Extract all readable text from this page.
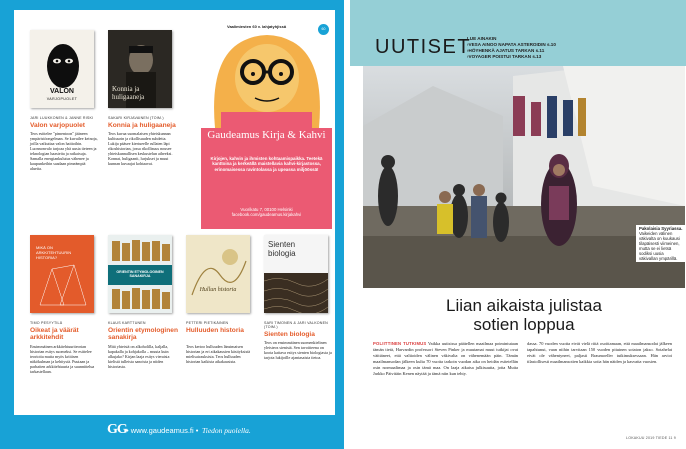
VALON
VARJOPUOLET
JARI LUUKKONEN & JANNE RISKI
Valon varjopuolet
Teos esittelee "pimentoon" jääneen ympäristöongelman. Se kuvailee keinoja, joilla vaikuttaa valon haittoihin. Luonnonvalo tarjoaa yhä uusia tieteen ja teknologian haasteita ja ratkaisuja. Samalla energiankulutus vähenee ja kaupunkeihin saadaan pimeämpiä alueita.
Konnia ja huligaaneja
SAKARI KIRJAVAINEN (TOIM.)
Konnia ja huligaaneja
Teos kuvaa suomalaisen yhteiskunnan kulttuurin ja rikollisuuden suhdetta. Lukija pääsee kiertueelle rullaten läpi rikoshistorian, jossa rikollisuus nousee yhteiskunnallisen keskustelun aiheeksi. Konnat, huligaanit, lurjukset ja muut kunnan kuvaajat kohtaavat.
MIKÄ ON ARKKITEHTUURIN HISTORIA?
TIMO PESYYTILÄ
Oikeat ja väärät arkkitehdit
Ensimmäinen arkkitehtuuriteorian historian esitys suomeksi. Se esittelee teorioita mutta myös kriitisen näkökulman ja kehitystä. Puutaan ja parhaiten arkkitehtuuria ja suunnittelua tarkastellaan.
ORIENTIN ETYMOLOGINEN SANAKIRJA
KLAUS KARTTUNEN
Orientin etymologinen sanakirja
Mitä yhteistä on alkoholilla, kaljalla, kapakalla ja kohjakolla – muuta kuin alkujako? Kirjan laaja esitys vieraista kielistä tulleista sanoista ja niiden historiasta.
Hullun historia
PETTERI PIETIKÄINEN
Hulluuden historia
Teos kertoo hulluuden länsimaisen historian ja eri aikakausien käsityksistä mielisairauksista. Teos hulluuden historian kaikista aikakausista.
Sienten biologia
SARI TIMONEN & JARI VALKONEN (TOIM.)
Sienten biologia
Teos on ensimmäinen suomenkielinen yleisteos sienistä. Sen tavoitteena on koota kattava esitys sienten biologiasta ja tarjota lukijoille ajantasaista tietoa.
Vaalimiesten 60 v. lahjatyhjissä	60
Gaudeamus Kirja & Kahvi
Kirjojen, kahvin ja ihmisten kohtaamispaikka. Teetekä kanttoina ja kerkeällä maistellavia kahvi-kirjastossa, erinomaisessa ravintolassa ja upeassa miljöössä!
Vuorikatu 7, 00100 Helsinki
facebook.com/gaudeamus.kirjakahvi
GG • www.gaudeamus.fi • Tiedon puolella.
UUTISET
LUE AINAKIN
›VESA AINOO NAPATA ASTEROIDIN s.10
›HÖYHENKÄ AJATUS TARKAN s.11
›VOYAGER POISTUI TARKAN s.13
Pakolaisia Syyriassa.
Vaikeiden välinen väkivalta on kuukausi tilapäisesti viimeinen, mutta se ei lietsä sodiksi uusia väkivallan ympärillä.
Liian aikaista julistaa
sotien loppua
POLIITTINEN TUTKIMUS Vaikka uutisissa päätellen maailmaa poimintutaan tämän tietä, Harvardin professori Steven Pinker ja muutamat muut tutkijat ovat väittäneet, että valtioiden välinen väkivalta on vähenemään päin. Tämän maailmansodan jälkeen kulta 70 vuotta tarkoin vuodan aika on heidän esitetellän osin normaalimaa ja osin tämä maa. On laaja aikaisa julkisuutta, jotta Mutta Jarkko Päivitäin Kenen näytää ja tämä niin kun tehty.
dassa. 70 vuoden vuotta eivät vielä riitä osoittamaan, että maailmansodat jälkeen tapahtunut, vaan niihin tarvitaan 150 vuoden pituinen sotaton jakso. Sotahelat eivät ole vähentyneet, paljasti Braumoeller tutkimuksessaan. Hän arvioi tilastollisesti maailmansotien kaikkia sotia hän näiden ja kasvatta vuosien.
LOKAKUU 2019 TIEDE 11 9
